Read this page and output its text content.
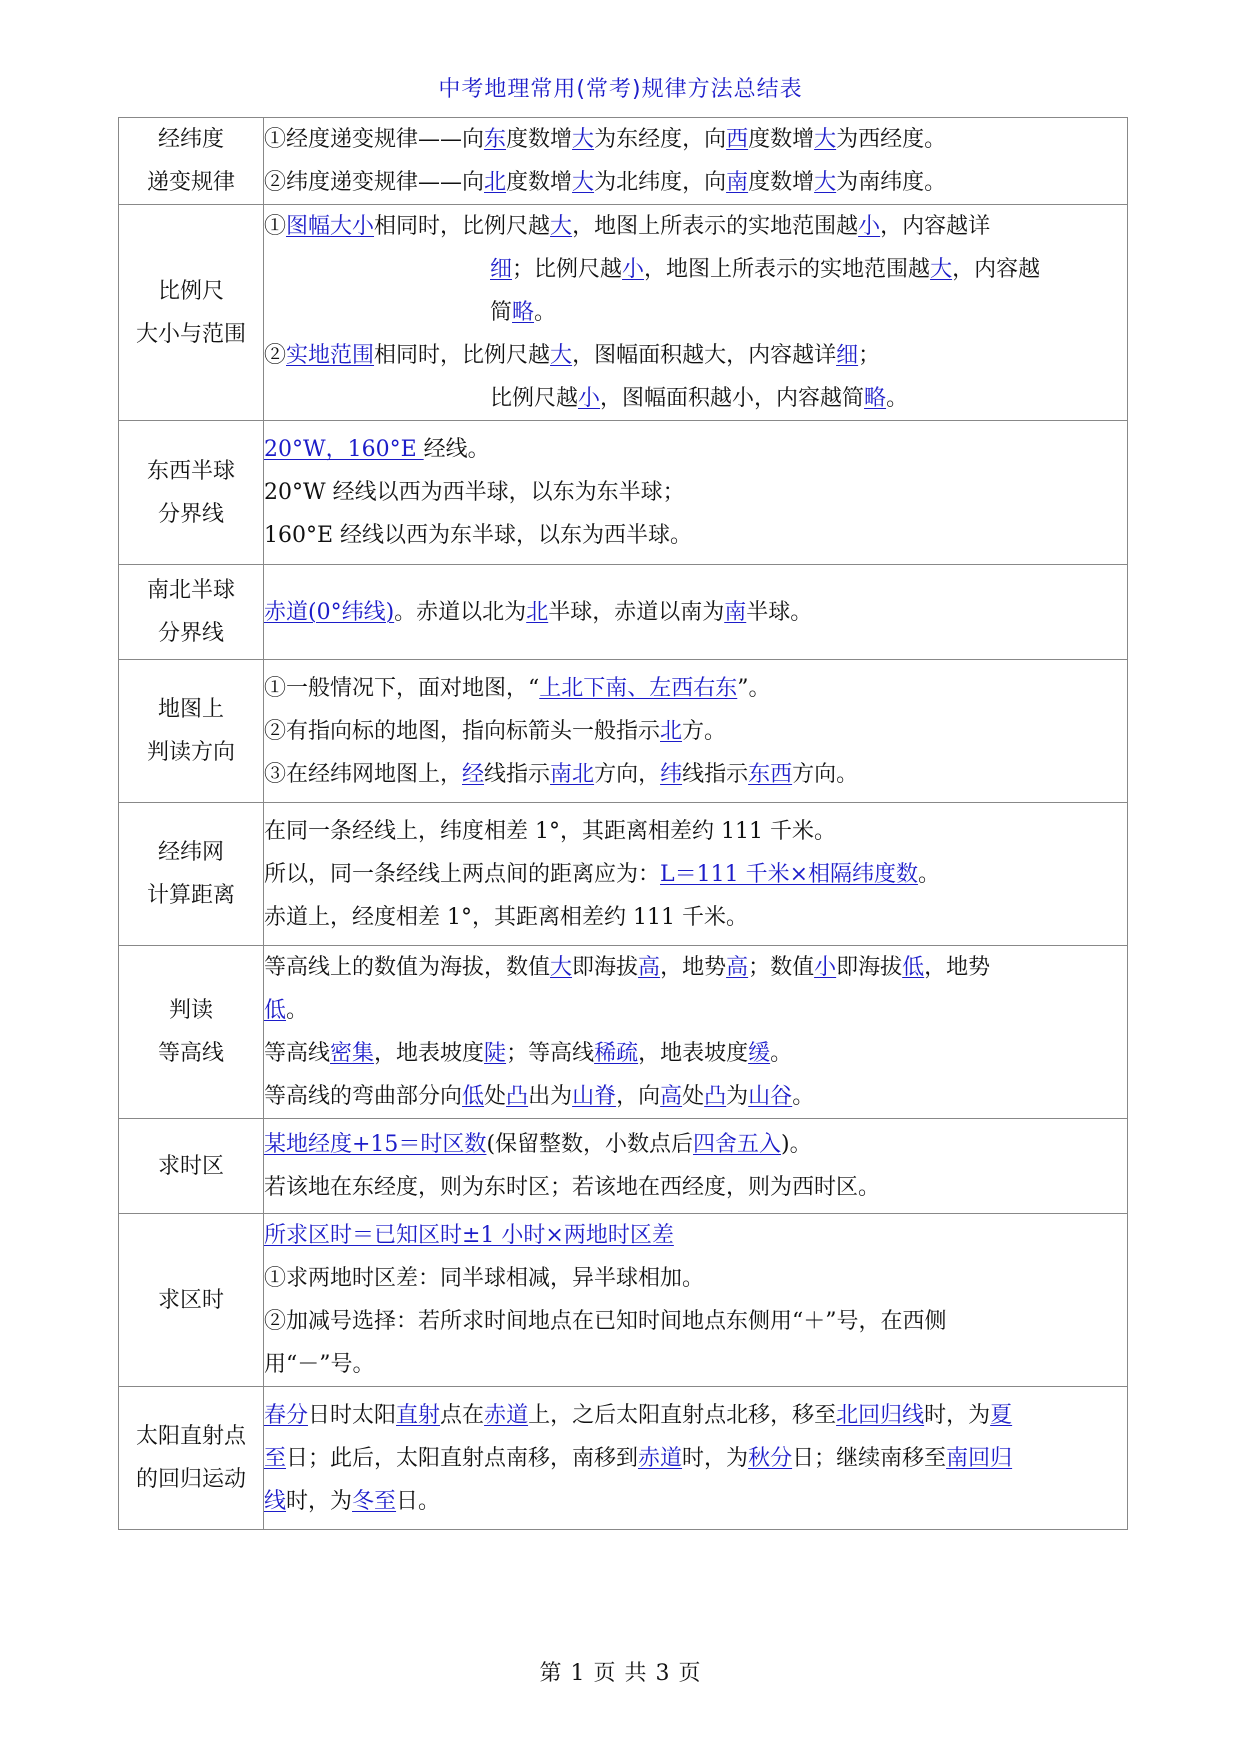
中考地理常用(常考)规律方法总结表
经纬度
递变规律	①经度递变规律——向东度数增大为东经度，向西度数增大为西经度。
②纬度递变规律——向北度数增大为北纬度，向南度数增大为南纬度。

比例尺
大小与范围	①图幅大小相同时，比例尺越大，地图上所表示的实地范围越小，内容越详
细；比例尺越小，地图上所表示的实地范围越大，内容越
简略。
②实地范围相同时，比例尺越大，图幅面积越大，内容越详细；
比例尺越小，图幅面积越小，内容越简略。

东西半球
分界线	20°W，160°E 经线。
20°W 经线以西为西半球，以东为东半球；
160°E 经线以西为东半球，以东为西半球。

南北半球
分界线	赤道(0°纬线)。赤道以北为北半球，赤道以南为南半球。

地图上
判读方向	①一般情况下，面对地图，“上北下南、左西右东”。
②有指向标的地图，指向标箭头一般指示北方。
③在经纬网地图上，经线指示南北方向，纬线指示东西方向。

经纬网
计算距离	在同一条经线上，纬度相差 1°，其距离相差约 111 千米。
所以，同一条经线上两点间的距离应为：L＝111 千米×相隔纬度数。
赤道上，经度相差 1°，其距离相差约 111 千米。

判读
等高线	等高线上的数值为海拔，数值大即海拔高，地势高；数值小即海拔低，地势
低。
等高线密集，地表坡度陡；等高线稀疏，地表坡度缓。
等高线的弯曲部分向低处凸出为山脊，向高处凸为山谷。

求时区	某地经度+15＝时区数(保留整数，小数点后四舍五入)。
若该地在东经度，则为东时区；若该地在西经度，则为西时区。

求区时	所求区时＝已知区时±1 小时×两地时区差
①求两地时区差：同半球相减，异半球相加。
②加减号选择：若所求时间地点在已知时间地点东侧用“＋”号，在西侧
用“－”号。

太阳直射点
的回归运动	春分日时太阳直射点在赤道上，之后太阳直射点北移，移至北回归线时，为夏
至日；此后，太阳直射点南移，南移到赤道时，为秋分日；继续南移至南回归
线时，为冬至日。
第 1 页 共 3 页
